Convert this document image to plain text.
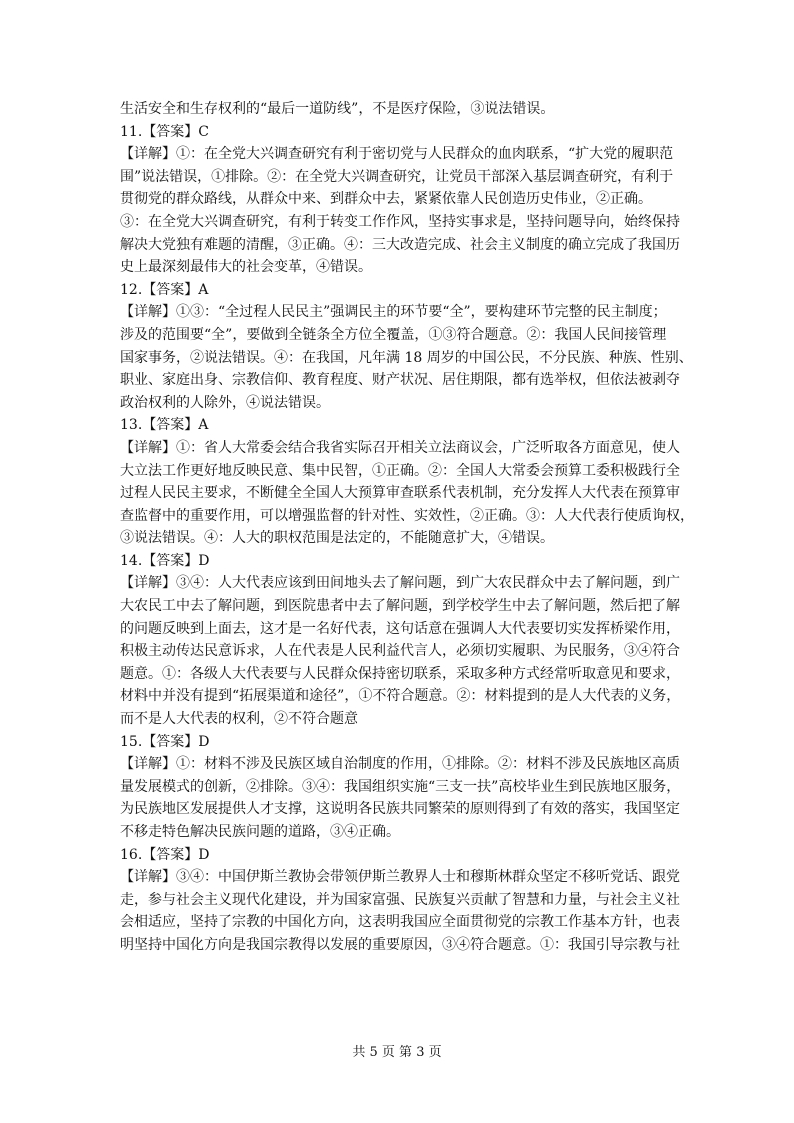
生活安全和生存权利的“最后一道防线”，不是医疗保险，③说法错误。
11.【答案】C
【详解】①：在全党大兴调查研究有利于密切党与人民群众的血肉联系，“扩大党的履职范
围”说法错误，①排除。②：在全党大兴调查研究，让党员干部深入基层调查研究，有利于
贯彻党的群众路线，从群众中来、到群众中去，紧紧依靠人民创造历史伟业，②正确。
③：在全党大兴调查研究，有利于转变工作作风，坚持实事求是，坚持问题导向，始终保持
解决大党独有难题的清醒，③正确。④：三大改造完成、社会主义制度的确立完成了我国历
史上最深刻最伟大的社会变革，④错误。
12.【答案】A
【详解】①③：“全过程人民民主”强调民主的环节要“全”，要构建环节完整的民主制度；
涉及的范围要“全”，要做到全链条全方位全覆盖，①③符合题意。②：我国人民间接管理
国家事务，②说法错误。④：在我国，凡年满 18 周岁的中国公民，不分民族、种族、性别、
职业、家庭出身、宗教信仰、教育程度、财产状况、居住期限，都有选举权，但依法被剥夺
政治权利的人除外，④说法错误。
13.【答案】A
【详解】①：省人大常委会结合我省实际召开相关立法商议会，广泛听取各方面意见，使人
大立法工作更好地反映民意、集中民智，①正确。②：全国人大常委会预算工委积极践行全
过程人民民主要求，不断健全全国人大预算审查联系代表机制，充分发挥人大代表在预算审
查监督中的重要作用，可以增强监督的针对性、实效性，②正确。③：人大代表行使质询权，
③说法错误。④：人大的职权范围是法定的，不能随意扩大，④错误。
14.【答案】D
【详解】③④：人大代表应该到田间地头去了解问题，到广大农民群众中去了解问题，到广
大农民工中去了解问题，到医院患者中去了解问题，到学校学生中去了解问题，然后把了解
的问题反映到上面去，这才是一名好代表，这句话意在强调人大代表要切实发挥桥梁作用，
积极主动传达民意诉求，人在代表是人民利益代言人，必须切实履职、为民服务，③④符合
题意。①：各级人大代表要与人民群众保持密切联系，采取多种方式经常听取意见和要求，
材料中并没有提到“拓展渠道和途径”，①不符合题意。②：材料提到的是人大代表的义务，
而不是人大代表的权利，②不符合题意
15.【答案】D
【详解】①：材料不涉及民族区域自治制度的作用，①排除。②：材料不涉及民族地区高质
量发展模式的创新，②排除。③④：我国组织实施“三支一扶”高校毕业生到民族地区服务，
为民族地区发展提供人才支撑，这说明各民族共同繁荣的原则得到了有效的落实，我国坚定
不移走特色解决民族问题的道路，③④正确。
16.【答案】D
【详解】③④：中国伊斯兰教协会带领伊斯兰教界人士和穆斯林群众坚定不移听党话、跟党
走，参与社会主义现代化建设，并为国家富强、民族复兴贡献了智慧和力量，与社会主义社
会相适应，坚持了宗教的中国化方向，这表明我国应全面贯彻党的宗教工作基本方针，也表
明坚持中国化方向是我国宗教得以发展的重要原因，③④符合题意。①：我国引导宗教与社
共 5 页 第 3 页
